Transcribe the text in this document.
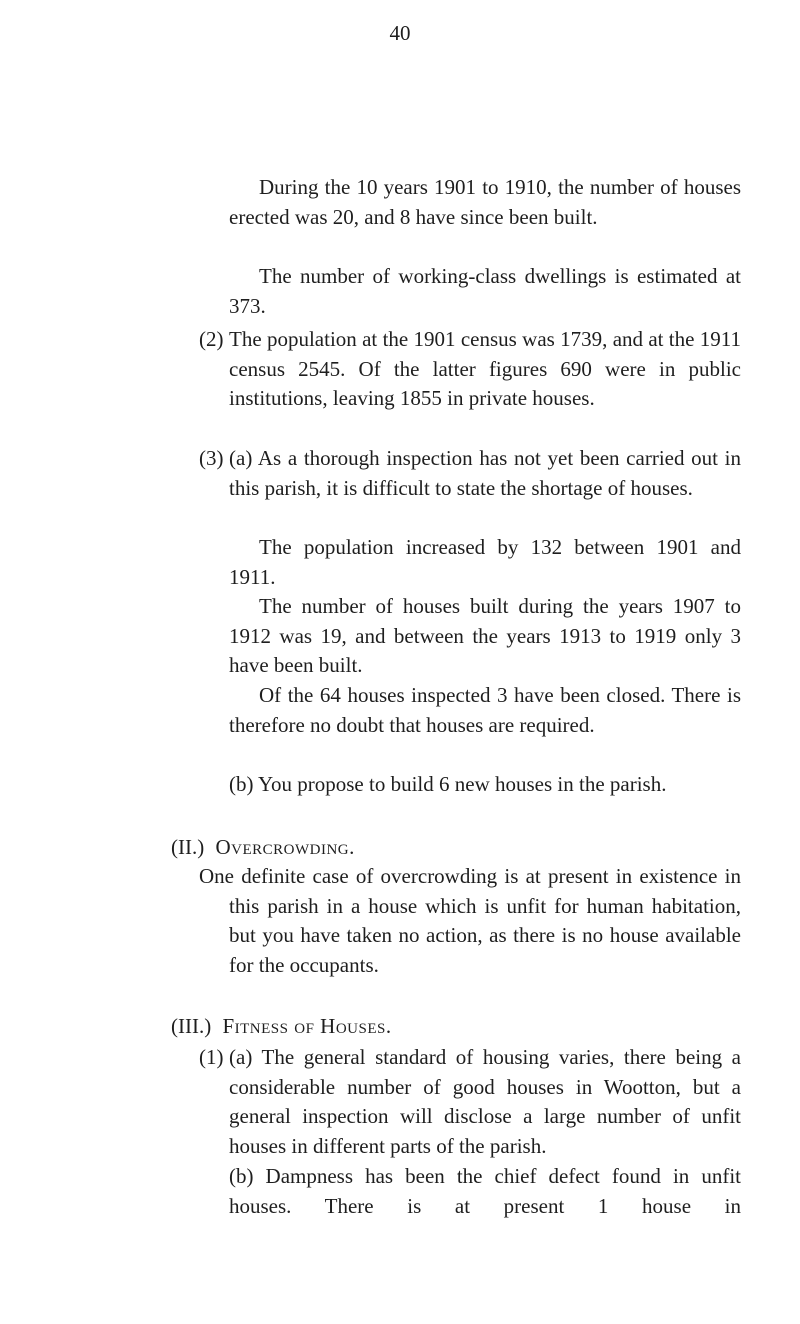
40
During the 10 years 1901 to 1910, the number of houses erected was 20, and 8 have since been built.
The number of working-class dwellings is estimated at 373.
(2) The population at the 1901 census was 1739, and at the 1911 census 2545. Of the latter figures 690 were in public institutions, leaving 1855 in private houses.
(3) (a) As a thorough inspection has not yet been carried out in this parish, it is difficult to state the shortage of houses.
The population increased by 132 between 1901 and 1911.
The number of houses built during the years 1907 to 1912 was 19, and between the years 1913 to 1919 only 3 have been built.
Of the 64 houses inspected 3 have been closed. There is therefore no doubt that houses are required.
(b) You propose to build 6 new houses in the parish.
(II.) Overcrowding.
One definite case of overcrowding is at present in existence in this parish in a house which is unfit for human habitation, but you have taken no action, as there is no house available for the occupants.
(III.) Fitness of Houses.
(1) (a) The general standard of housing varies, there being a considerable number of good houses in Wootton, but a general inspection will disclose a large number of unfit houses in different parts of the parish.
(b) Dampness has been the chief defect found in unfit houses. There is at present 1 house in
